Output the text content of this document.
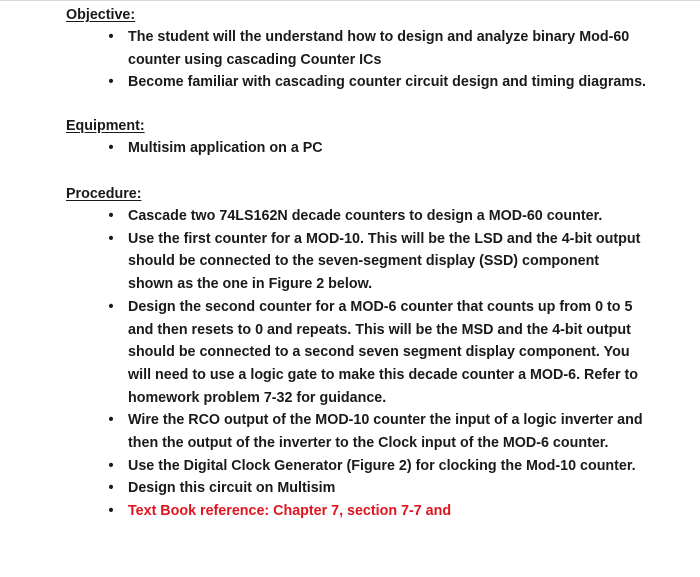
Objective:
• The student will the understand how to design and analyze binary Mod-60 counter using cascading Counter ICs
• Become familiar with cascading counter circuit design and timing diagrams.
Equipment:
• Multisim application on a PC
Procedure:
• Cascade two 74LS162N decade counters to design a MOD-60 counter.
• Use the first counter for a MOD-10. This will be the LSD and the 4-bit output should be connected to the seven-segment display (SSD) component shown as the one in Figure 2 below.
• Design the second counter for a MOD-6 counter that counts up from 0 to 5 and then resets to 0 and repeats. This will be the MSD and the 4-bit output should be connected to a second seven segment display component. You will need to use a logic gate to make this decade counter a MOD-6. Refer to homework problem 7-32 for guidance.
• Wire the RCO output of the MOD-10 counter the input of a logic inverter and then the output of the inverter to the Clock input of the MOD-6 counter.
• Use the Digital Clock Generator (Figure 2) for clocking the Mod-10 counter.
• Design this circuit on Multisim
• Text Book reference: Chapter 7, section 7-7 and
